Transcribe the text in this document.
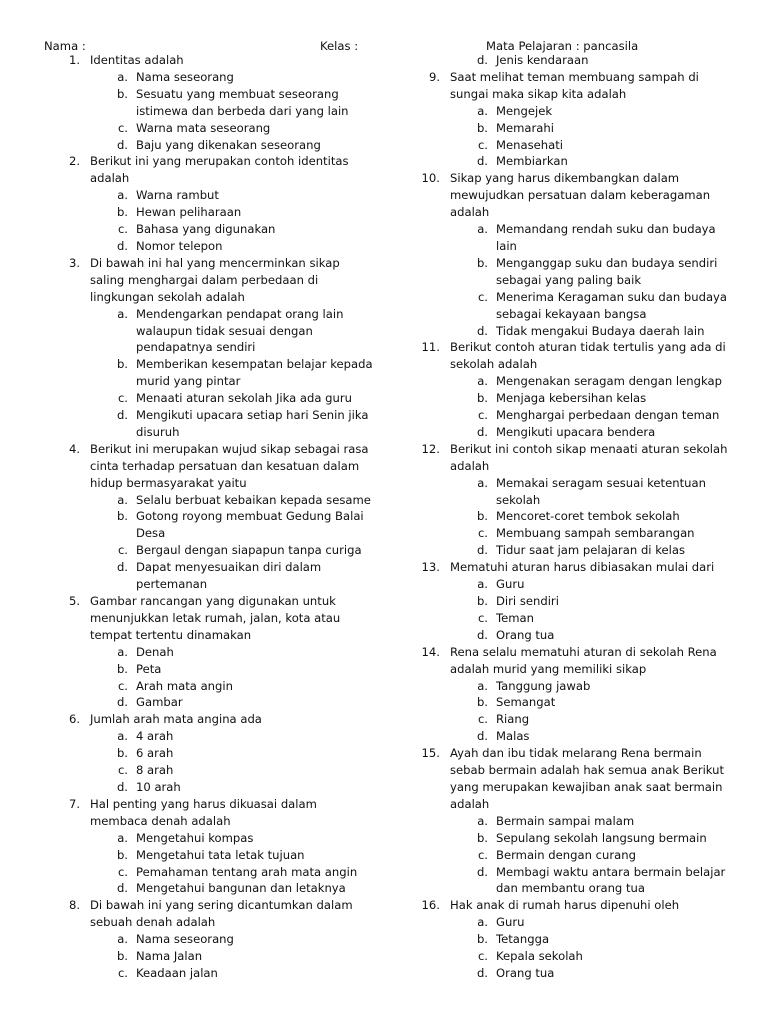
Nama :	Kelas :	Mata Pelajaran : pancasila
1. Identitas adalah
a. Nama seseorang
b. Sesuatu yang membuat seseorang istimewa dan berbeda dari yang lain
c. Warna mata seseorang
d. Baju yang dikenakan seseorang
2. Berikut ini yang merupakan contoh identitas adalah
a. Warna rambut
b. Hewan peliharaan
c. Bahasa yang digunakan
d. Nomor telepon
3. Di bawah ini hal yang mencerminkan sikap saling menghargai dalam perbedaan di lingkungan sekolah adalah
a. Mendengarkan pendapat orang lain walaupun tidak sesuai dengan pendapatnya sendiri
b. Memberikan kesempatan belajar kepada murid yang pintar
c. Menaati aturan sekolah Jika ada guru
d. Mengikuti upacara setiap hari Senin jika disuruh
4. Berikut ini merupakan wujud sikap sebagai rasa cinta terhadap persatuan dan kesatuan dalam hidup bermasyarakat yaitu
a. Selalu berbuat kebaikan kepada sesame
b. Gotong royong membuat Gedung Balai Desa
c. Bergaul dengan siapapun tanpa curiga
d. Dapat menyesuaikan diri dalam pertemanan
5. Gambar rancangan yang digunakan untuk menunjukkan letak rumah, jalan, kota atau tempat tertentu dinamakan
a. Denah
b. Peta
c. Arah mata angin
d. Gambar
6. Jumlah arah mata angina ada
a. 4 arah
b. 6 arah
c. 8 arah
d. 10 arah
7. Hal penting yang harus dikuasai dalam membaca denah adalah
a. Mengetahui kompas
b. Mengetahui tata letak tujuan
c. Pemahaman tentang arah mata angin
d. Mengetahui bangunan dan letaknya
8. Di bawah ini yang sering dicantumkan dalam sebuah denah adalah
a. Nama seseorang
b. Nama Jalan
c. Keadaan jalan
d. Jenis kendaraan
9. Saat melihat teman membuang sampah di sungai maka sikap kita adalah
a. Mengejek
b. Memarahi
c. Menasehati
d. Membiarkan
10. Sikap yang harus dikembangkan dalam mewujudkan persatuan dalam keberagaman adalah
a. Memandang rendah suku dan budaya lain
b. Menganggap suku dan budaya sendiri sebagai yang paling baik
c. Menerima Keragaman suku dan budaya sebagai kekayaan bangsa
d. Tidak mengakui Budaya daerah lain
11. Berikut contoh aturan tidak tertulis yang ada di sekolah adalah
a. Mengenakan seragam dengan lengkap
b. Menjaga kebersihan kelas
c. Menghargai perbedaan dengan teman
d. Mengikuti upacara bendera
12. Berikut ini contoh sikap menaati aturan sekolah adalah
a. Memakai seragam sesuai ketentuan sekolah
b. Mencoret-coret tembok sekolah
c. Membuang sampah sembarangan
d. Tidur saat jam pelajaran di kelas
13. Mematuhi aturan harus dibiasakan mulai dari
a. Guru
b. Diri sendiri
c. Teman
d. Orang tua
14. Rena selalu mematuhi aturan di sekolah Rena adalah murid yang memiliki sikap
a. Tanggung jawab
b. Semangat
c. Riang
d. Malas
15. Ayah dan ibu tidak melarang Rena bermain sebab bermain adalah hak semua anak Berikut yang merupakan kewajiban anak saat bermain adalah
a. Bermain sampai malam
b. Sepulang sekolah langsung bermain
c. Bermain dengan curang
d. Membagi waktu antara bermain belajar dan membantu orang tua
16. Hak anak di rumah harus dipenuhi oleh
a. Guru
b. Tetangga
c. Kepala sekolah
d. Orang tua
